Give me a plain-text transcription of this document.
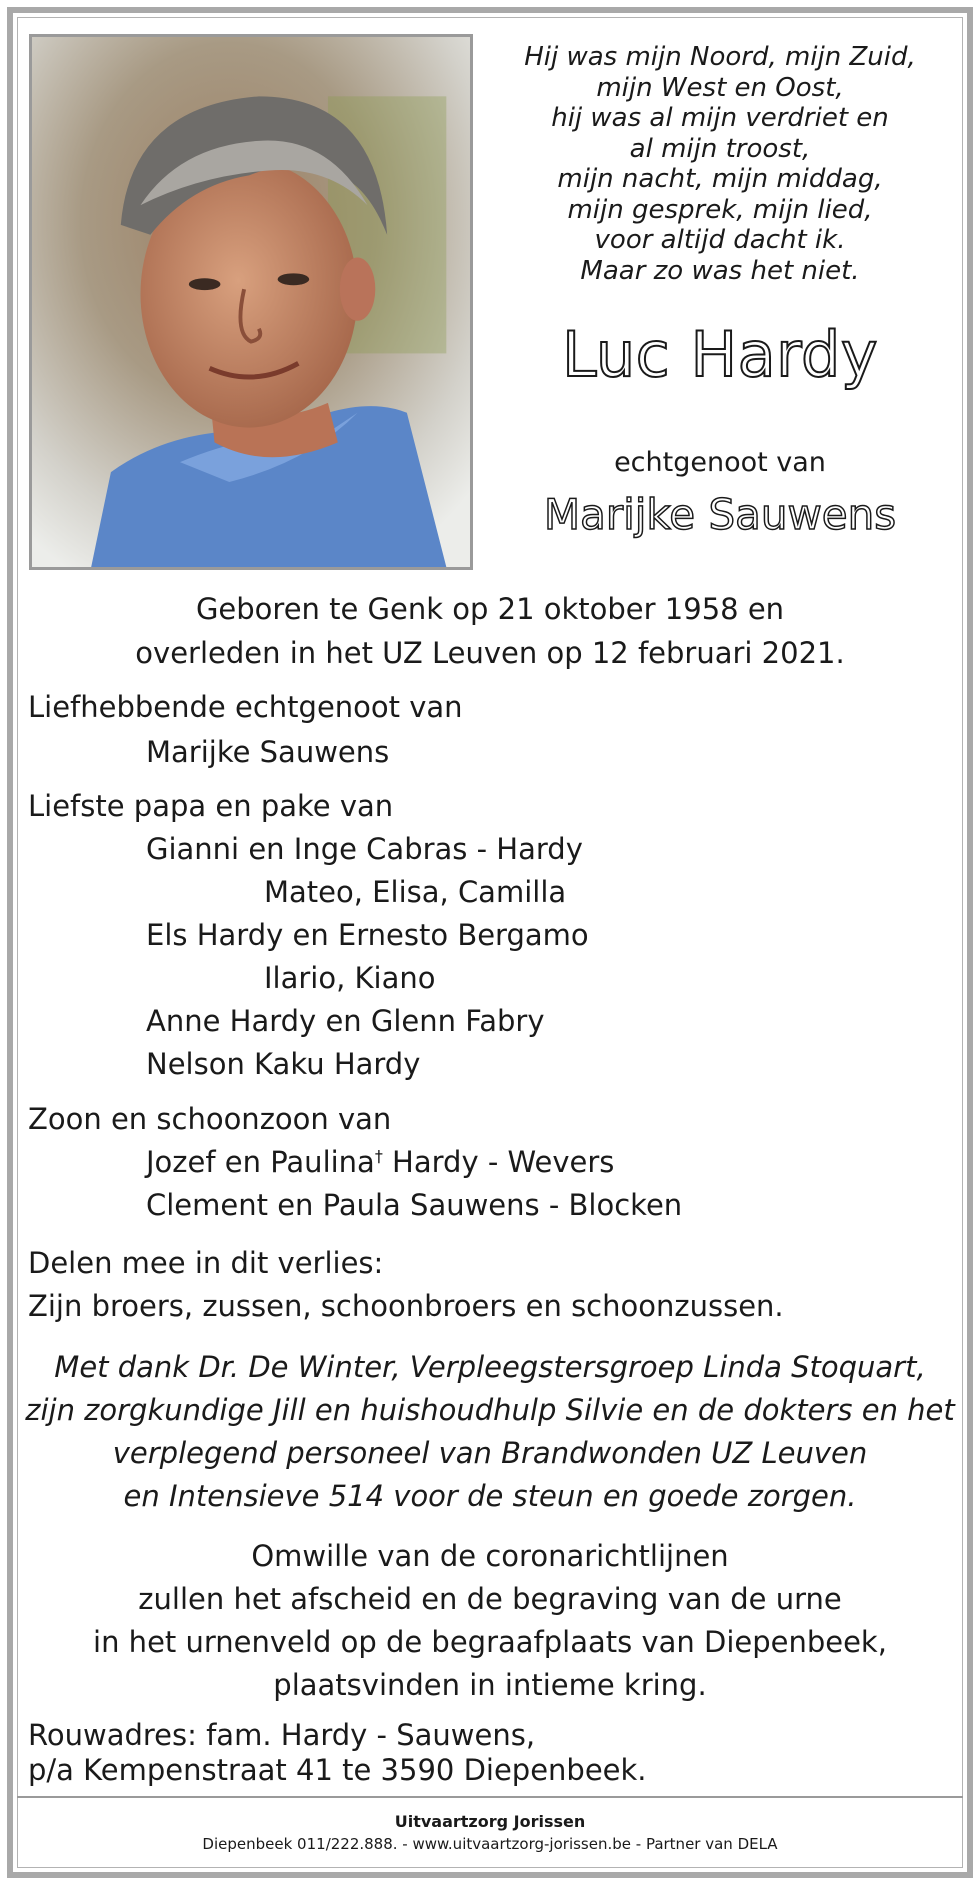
Hij was mijn Noord, mijn Zuid,
mijn West en Oost,
hij was al mijn verdriet en
al mijn troost,
mijn nacht, mijn middag,
mijn gesprek, mijn lied,
voor altijd dacht ik.
Maar zo was het niet.
Luc Hardy
echtgenoot van
Marijke Sauwens
Geboren te Genk op 21 oktober 1958 en
overleden in het UZ Leuven op 12 februari 2021.
Liefhebbende echtgenoot van
Marijke Sauwens
Liefste papa en pake van
Gianni en Inge Cabras - Hardy
Mateo, Elisa, Camilla
Els Hardy en Ernesto Bergamo
Ilario, Kiano
Anne Hardy en Glenn Fabry
Nelson Kaku Hardy
Zoon en schoonzoon van
Jozef en Paulina† Hardy - Wevers
Clement en Paula Sauwens - Blocken
Delen mee in dit verlies:
Zijn broers, zussen, schoonbroers en schoonzussen.
Met dank Dr. De Winter, Verpleegstersgroep Linda Stoquart,
zijn zorgkundige Jill en huishoudhulp Silvie en de dokters en het
verplegend personeel van Brandwonden UZ Leuven
en Intensieve 514 voor de steun en goede zorgen.
Omwille van de coronarichtlijnen
zullen het afscheid en de begraving van de urne
in het urnenveld op de begraafplaats van Diepenbeek,
plaatsvinden in intieme kring.
Rouwadres: fam. Hardy - Sauwens,
p/a Kempenstraat 41 te 3590 Diepenbeek.
Uitvaartzorg Jorissen
Diepenbeek 011/222.888. - www.uitvaartzorg-jorissen.be - Partner van DELA
